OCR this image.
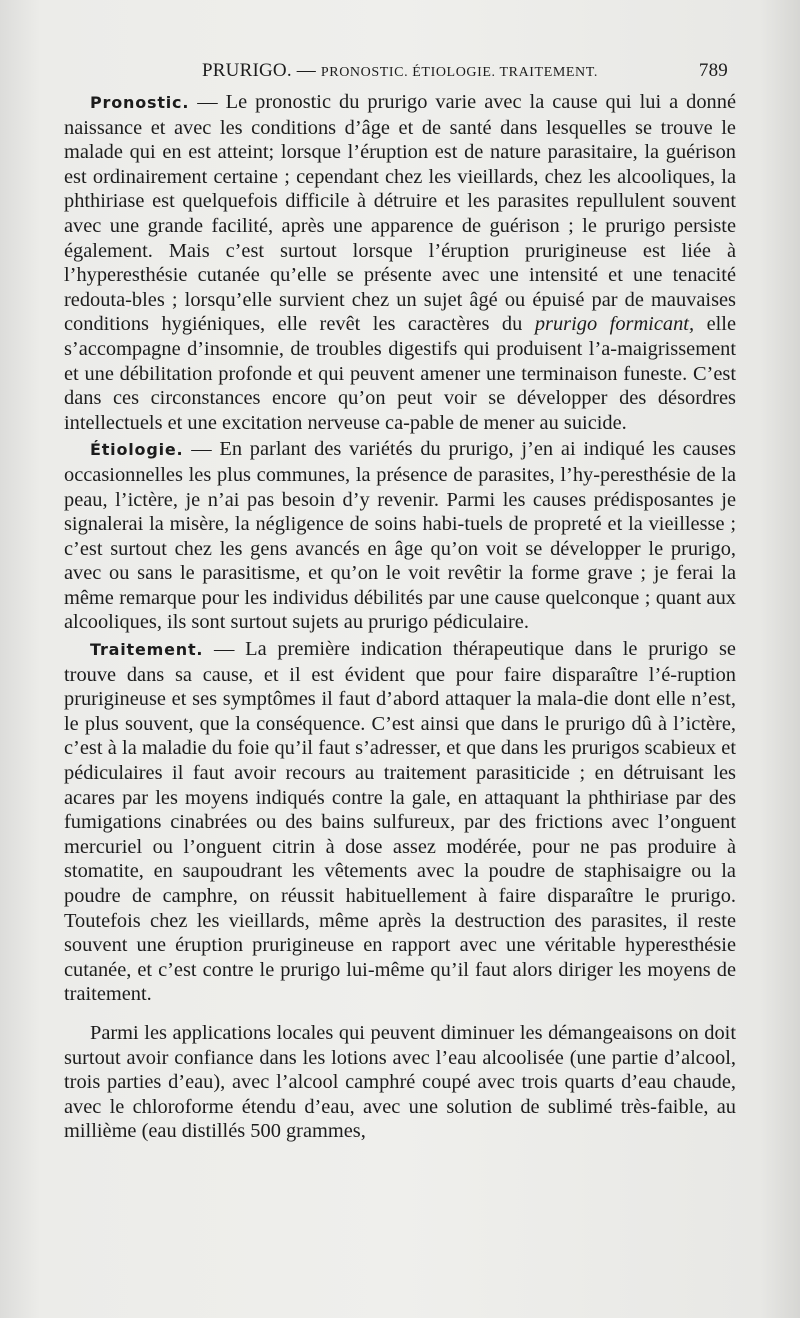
PRURIGO. — PRONOSTIC. ÉTIOLOGIE. TRAITEMENT.	789

Pronostic. — Le pronostic du prurigo varie avec la cause qui lui a donné naissance et avec les conditions d’âge et de santé dans lesquelles se trouve le malade qui en est atteint; lorsque l’éruption est de nature parasitaire, la guérison est ordinairement certaine ; cependant chez les vieillards, chez les alcooliques, la phthiriase est quelquefois difficile à détruire et les parasites repullulent souvent avec une grande facilité, après une apparence de guérison ; le prurigo persiste également. Mais c’est surtout lorsque l’éruption prurigineuse est liée à l’hyperesthésie cutanée qu’elle se présente avec une intensité et une tenacité redouta-bles ; lorsqu’elle survient chez un sujet âgé ou épuisé par de mauvaises conditions hygiéniques, elle revêt les caractères du prurigo formicant, elle s’accompagne d’insomnie, de troubles digestifs qui produisent l’a-maigrissement et une débilitation profonde et qui peuvent amener une terminaison funeste. C’est dans ces circonstances encore qu’on peut voir se développer des désordres intellectuels et une excitation nerveuse ca-pable de mener au suicide.

Étiologie. — En parlant des variétés du prurigo, j’en ai indiqué les causes occasionnelles les plus communes, la présence de parasites, l’hy-peresthésie de la peau, l’ictère, je n’ai pas besoin d’y revenir. Parmi les causes prédisposantes je signalerai la misère, la négligence de soins habi-tuels de propreté et la vieillesse ; c’est surtout chez les gens avancés en âge qu’on voit se développer le prurigo, avec ou sans le parasitisme, et qu’on le voit revêtir la forme grave ; je ferai la même remarque pour les individus débilités par une cause quelconque ; quant aux alcooliques, ils sont surtout sujets au prurigo pédiculaire.

Traitement. — La première indication thérapeutique dans le prurigo se trouve dans sa cause, et il est évident que pour faire disparaître l’é-ruption prurigineuse et ses symptômes il faut d’abord attaquer la mala-die dont elle n’est, le plus souvent, que la conséquence. C’est ainsi que dans le prurigo dû à l’ictère, c’est à la maladie du foie qu’il faut s’adresser, et que dans les prurigos scabieux et pédiculaires il faut avoir recours au traitement parasiticide ; en détruisant les acares par les moyens indiqués contre la gale, en attaquant la phthiriase par des fumigations cinabrées ou des bains sulfureux, par des frictions avec l’onguent mercuriel ou l’onguent citrin à dose assez modérée, pour ne pas produire à stomatite, en saupoudrant les vêtements avec la poudre de staphisaigre ou la poudre de camphre, on réussit habituellement à faire disparaître le prurigo. Toutefois chez les vieillards, même après la destruction des parasites, il reste souvent une éruption prurigineuse en rapport avec une véritable hyperesthésie cutanée, et c’est contre le prurigo lui-même qu’il faut alors diriger les moyens de traitement.

Parmi les applications locales qui peuvent diminuer les démangeaisons on doit surtout avoir confiance dans les lotions avec l’eau alcoolisée (une partie d’alcool, trois parties d’eau), avec l’alcool camphré coupé avec trois quarts d’eau chaude, avec le chloroforme étendu d’eau, avec une solution de sublimé très-faible, au millième (eau distillés 500 grammes,
